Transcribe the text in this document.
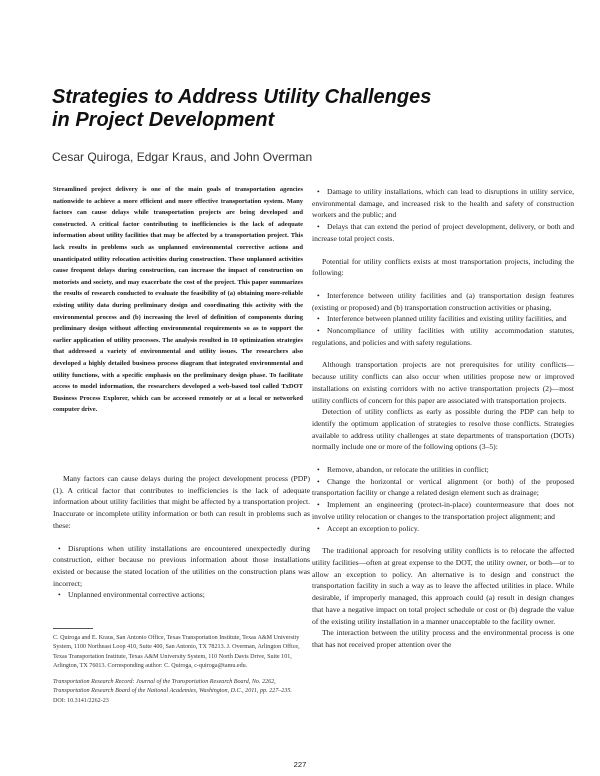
Strategies to Address Utility Challenges
in Project Development
Cesar Quiroga, Edgar Kraus, and John Overman

Streamlined project delivery is one of the main goals of transportation agencies nationwide to achieve a more efficient and more effective transportation system. Many factors can cause delays while transportation projects are being developed and constructed. A critical factor contributing to inefficiencies is the lack of adequate information about utility facilities that may be affected by a transportation project. This lack results in problems such as unplanned environmental corrective actions and unanticipated utility relocation activities during construction. These unplanned activities cause frequent delays during construction, can increase the impact of construction on motorists and society, and may exacerbate the cost of the project. This paper summarizes the results of research conducted to evaluate the feasibility of (a) obtaining more-reliable existing utility data during preliminary design and coordinating this activity with the environmental process and (b) increasing the level of definition of components during preliminary design without affecting environmental requirements so as to support the earlier application of utility processes. The analysis resulted in 10 optimization strategies that addressed a variety of environmental and utility issues. The researchers also developed a highly detailed business process diagram that integrated environmental and utility functions, with a specific emphasis on the preliminary design phase. To facilitate access to model information, the researchers developed a web-based tool called TxDOT Business Process Explorer, which can be accessed remotely or at a local or networked computer drive.

Many factors can cause delays during the project development process (PDP) (1). A critical factor that contributes to inefficiencies is the lack of adequate information about utility facilities that might be affected by a transportation project. Inaccurate or incomplete utility information or both can result in problems such as these:

• Disruptions when utility installations are encountered unexpectedly during construction, either because no previous information about those installations existed or because the stated location of the utilities on the construction plans was incorrect;

• Unplanned environmental corrective actions;

C. Quiroga and E. Kraus, San Antonio Office, Texas Transportation Institute, Texas A&M University System, 1100 Northeast Loop 410, Suite 400, San Antonio, TX 78213. J. Overman, Arlington Office, Texas Transportation Institute, Texas A&M University System, 110 North Davis Drive, Suite 101, Arlington, TX 76013. Corresponding author: C. Quiroga, c-quiroga@tamu.edu.

Transportation Research Record: Journal of the Transportation Research Board, No. 2262, Transportation Research Board of the National Academies, Washington, D.C., 2011, pp. 227–235.

DOI: 10.3141/2262-23

• Damage to utility installations, which can lead to disruptions in utility service, environmental damage, and increased risk to the health and safety of construction workers and the public; and

• Delays that can extend the period of project development, delivery, or both and increase total project costs.

Potential for utility conflicts exists at most transportation projects, including the following:

• Interference between utility facilities and (a) transportation design features (existing or proposed) and (b) transportation construction activities or phasing,

• Interference between planned utility facilities and existing utility facilities, and

• Noncompliance of utility facilities with utility accommodation statutes, regulations, and policies and with safety regulations.

Although transportation projects are not prerequisites for utility conflicts—because utility conflicts can also occur when utilities propose new or improved installations on existing corridors with no active transportation projects (2)—most utility conflicts of concern for this paper are associated with transportation projects.

Detection of utility conflicts as early as possible during the PDP can help to identify the optimum application of strategies to resolve those conflicts. Strategies available to address utility challenges at state departments of transportation (DOTs) normally include one or more of the following options (3–5):

• Remove, abandon, or relocate the utilities in conflict;

• Change the horizontal or vertical alignment (or both) of the proposed transportation facility or change a related design element such as drainage;

• Implement an engineering (protect-in-place) countermeasure that does not involve utility relocation or changes to the transportation project alignment; and

• Accept an exception to policy.

The traditional approach for resolving utility conflicts is to relocate the affected utility facilities—often at great expense to the DOT, the utility owner, or both—or to allow an exception to policy. An alternative is to design and construct the transportation facility in such a way as to leave the affected utilities in place. While desirable, if improperly managed, this approach could (a) result in design changes that have a negative impact on total project schedule or cost or (b) degrade the value of the existing utility installation in a manner unacceptable to the facility owner.

The interaction between the utility process and the environmental process is one that has not received proper attention over the

227
